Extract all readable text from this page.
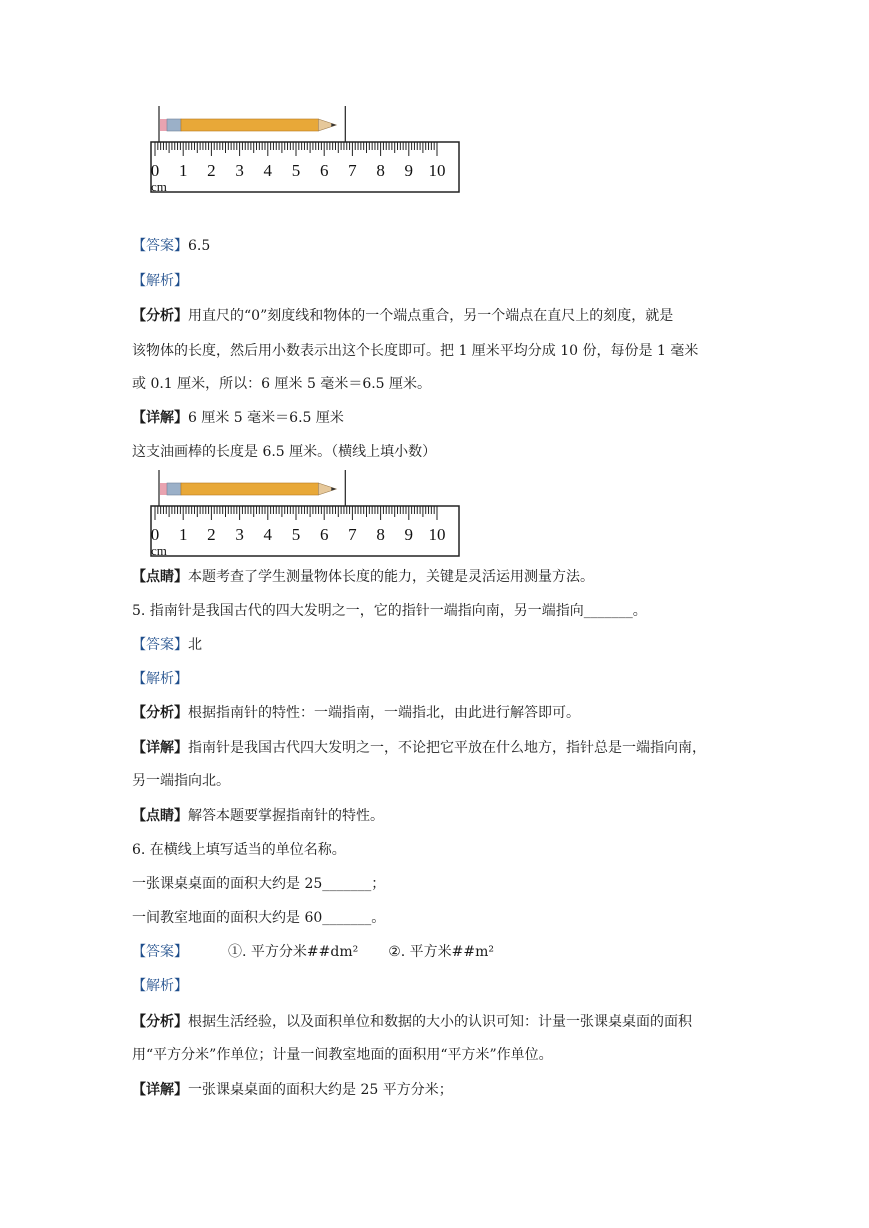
0 1 2 3 4 5 6 7 8 9 10
cm
【答案】6.5
【解析】
【分析】用直尺的“0”刻度线和物体的一个端点重合，另一个端点在直尺上的刻度，就是
该物体的长度，然后用小数表示出这个长度即可。把 1 厘米平均分成 10 份，每份是 1 毫米
或 0.1 厘米，所以：6 厘米 5 毫米＝6.5 厘米。
【详解】6 厘米 5 毫米＝6.5 厘米
这支油画棒的长度是 6.5 厘米。（横线上填小数）
0 1 2 3 4 5 6 7 8 9 10
cm
【点睛】本题考查了学生测量物体长度的能力，关键是灵活运用测量方法。
5. 指南针是我国古代的四大发明之一，它的指针一端指向南，另一端指向_______。
【答案】北
【解析】
【分析】根据指南针的特性：一端指南，一端指北，由此进行解答即可。
【详解】指南针是我国古代四大发明之一，不论把它平放在什么地方，指针总是一端指向南，
另一端指向北。
【点睛】解答本题要掌握指南针的特性。
6. 在横线上填写适当的单位名称。
一张课桌桌面的面积大约是 25_______；
一间教室地面的面积大约是 60_______。
【答案】	①. 平方分米##dm² ②. 平方米##m²
【解析】
【分析】根据生活经验，以及面积单位和数据的大小的认识可知：计量一张课桌桌面的面积
用“平方分米”作单位；计量一间教室地面的面积用“平方米”作单位。
【详解】一张课桌桌面的面积大约是 25 平方分米；
